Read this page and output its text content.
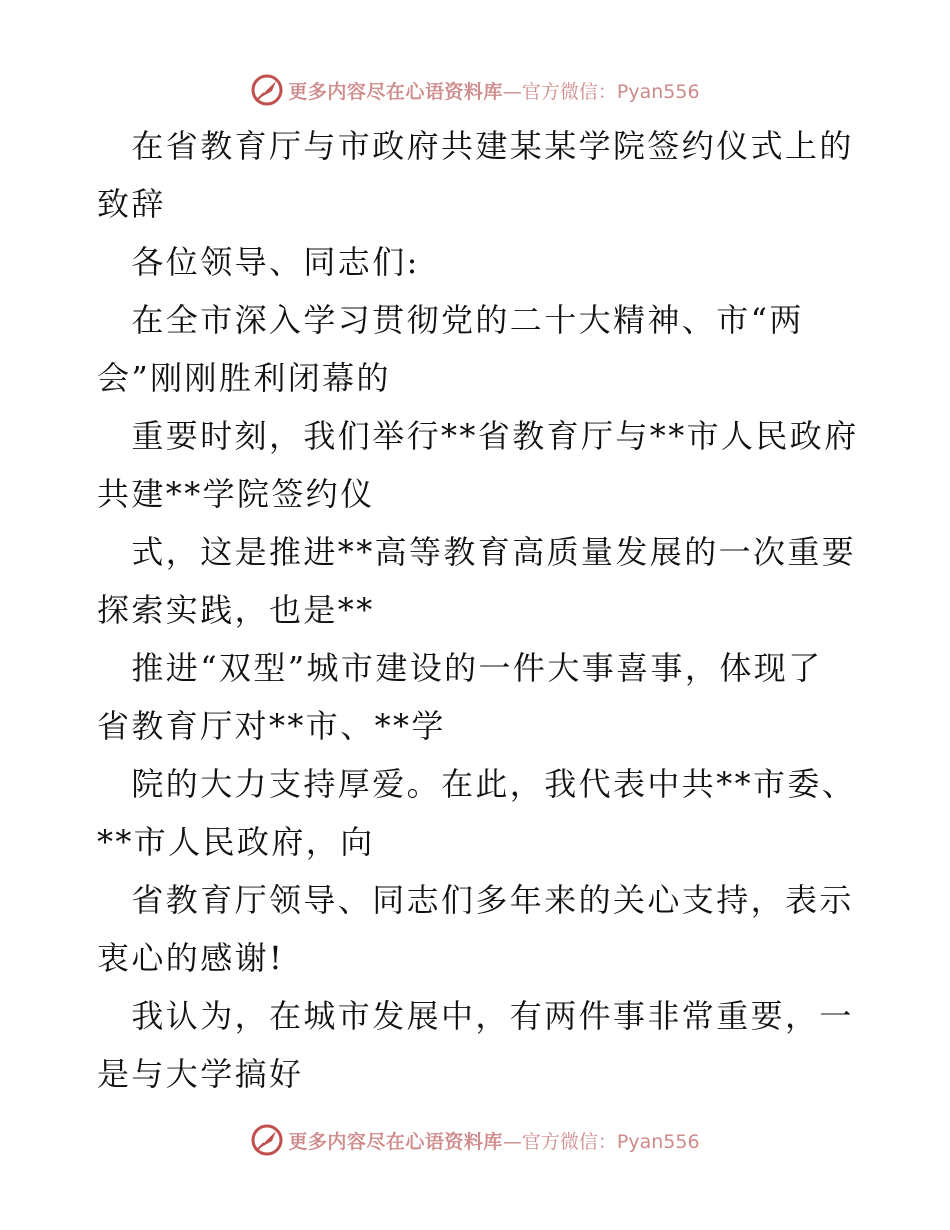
更多内容尽在心语资料库 —官方微信：Pyan556

　在省教育厅与市政府共建某某学院签约仪式上的

致辞

　各位领导、同志们:

　在全市深入学习贯彻党的二十大精神、市“两

会”刚刚胜利闭幕的

　重要时刻，我们举行**省教育厅与**市人民政府

共建**学院签约仪

　式，这是推进**高等教育高质量发展的一次重要

探索实践，也是**

　推进“双型”城市建设的一件大事喜事，体现了

省教育厅对**市、**学

　院的大力支持厚爱。在此，我代表中共**市委、

**市人民政府，向

　省教育厅领导、同志们多年来的关心支持，表示

衷心的感谢!

　我认为，在城市发展中，有两件事非常重要，一

是与大学搞好

更多内容尽在心语资料库 —官方微信：Pyan556
